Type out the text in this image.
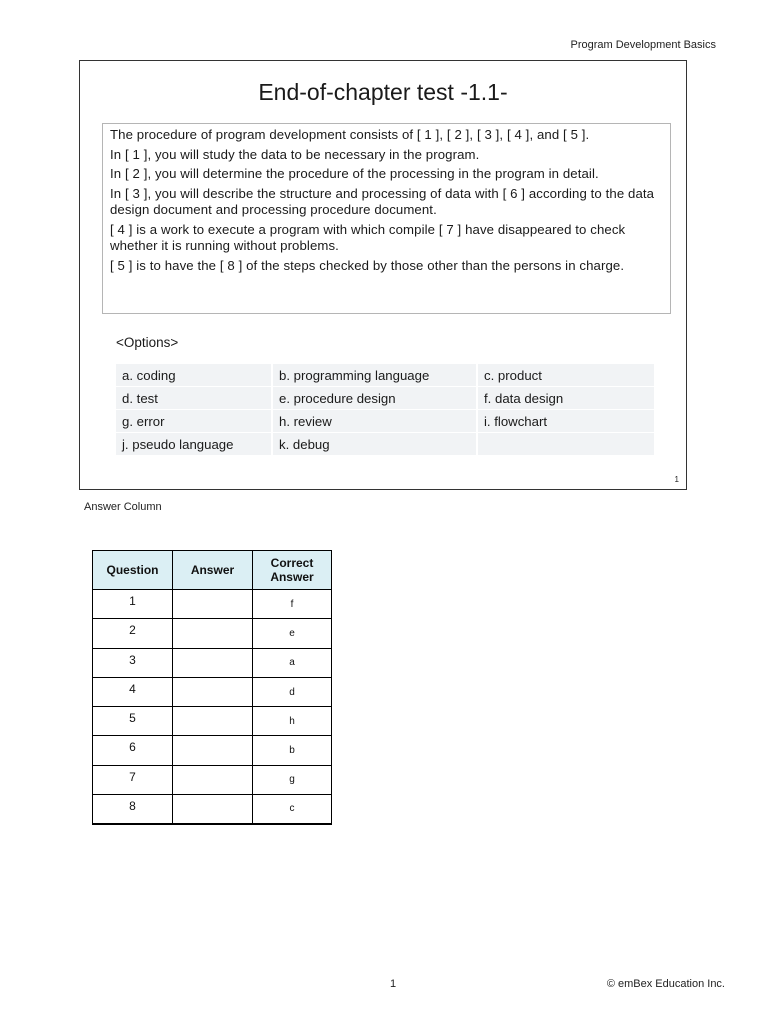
Program Development Basics
End-of-chapter test -1.1-

The procedure of program development consists of [ 1 ], [ 2 ], [ 3 ], [ 4 ], and [ 5 ].

In [ 1 ], you will study the data to be necessary in the program.

In [ 2 ], you will determine the procedure of the processing in the program in detail.

In [ 3 ], you will describe the structure and processing of data with [ 6 ] according to the data design document and processing procedure document.

[ 4 ] is a work to execute a program with which compile [ 7 ] have disappeared to check whether it is running without problems.

[ 5 ] is to have the [ 8 ] of the steps checked by those other than the persons in charge.

<Options>
a. coding	b. programming language	c. product
d. test	e. procedure design	f. data design
g. error	h. review	i. flowchart
j. pseudo language	k. debug
1
Answer Column
Question	Answer	Correct Answer
1		f
2		e
3		a
4		d
5		h
6		b
7		g
8		c
1	© emBex Education Inc.
